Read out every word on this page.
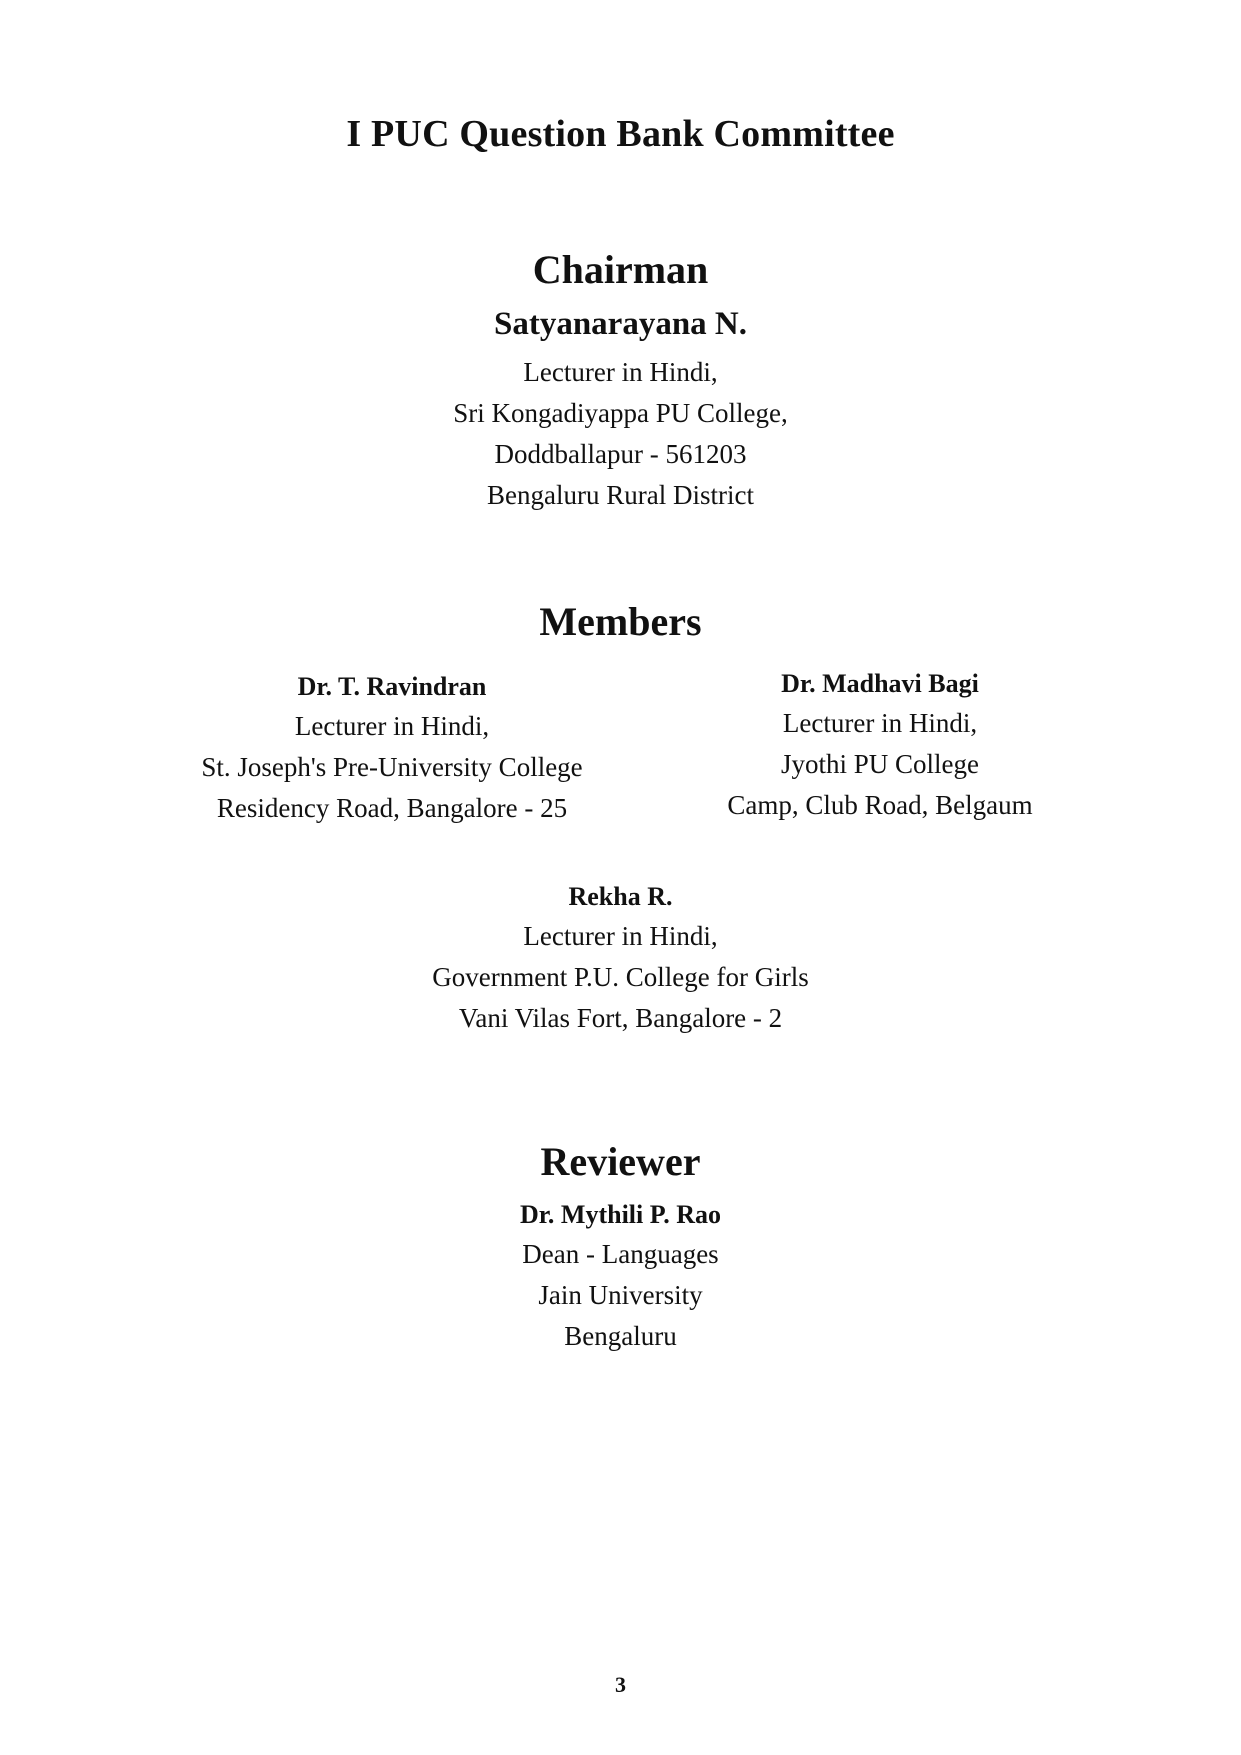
I PUC Question Bank Committee
Chairman
Satyanarayana N.
Lecturer in Hindi,
Sri Kongadiyappa PU College,
Doddballapur - 561203
Bengaluru Rural District
Members
Dr. T. Ravindran
Lecturer in Hindi,
St. Joseph's Pre-University College
Residency Road, Bangalore - 25
Dr. Madhavi Bagi
Lecturer in Hindi,
Jyothi PU College
Camp, Club Road, Belgaum
Rekha R.
Lecturer in Hindi,
Government P.U. College for Girls
Vani Vilas Fort, Bangalore - 2
Reviewer
Dr. Mythili P. Rao
Dean - Languages
Jain University
Bengaluru
3
